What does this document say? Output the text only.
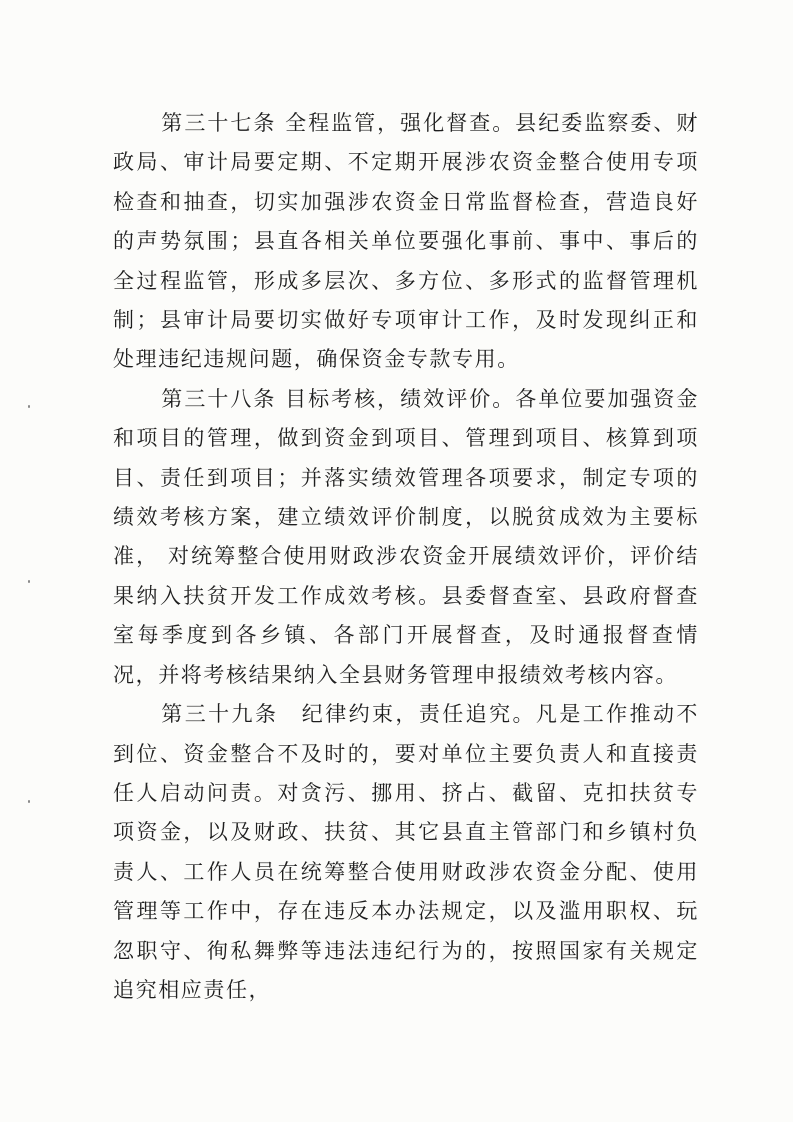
第三十七条 全程监管，强化督查。县纪委监察委、财政局、审计局要定期、不定期开展涉农资金整合使用专项检查和抽查，切实加强涉农资金日常监督检查，营造良好的声势氛围；县直各相关单位要强化事前、事中、事后的全过程监管，形成多层次、多方位、多形式的监督管理机制；县审计局要切实做好专项审计工作，及时发现纠正和处理违纪违规问题，确保资金专款专用。

第三十八条 目标考核，绩效评价。各单位要加强资金和项目的管理，做到资金到项目、管理到项目、核算到项目、责任到项目；并落实绩效管理各项要求，制定专项的绩效考核方案，建立绩效评价制度，以脱贫成效为主要标准， 对统筹整合使用财政涉农资金开展绩效评价，评价结果纳入扶贫开发工作成效考核。县委督查室、县政府督查室每季度到各乡镇、各部门开展督查，及时通报督查情况，并将考核结果纳入全县财务管理申报绩效考核内容。

第三十九条　纪律约束，责任追究。凡是工作推动不到位、资金整合不及时的，要对单位主要负责人和直接责任人启动问责。对贪污、挪用、挤占、截留、克扣扶贫专项资金，以及财政、扶贫、其它县直主管部门和乡镇村负责人、工作人员在统筹整合使用财政涉农资金分配、使用管理等工作中，存在违反本办法规定，以及滥用职权、玩忽职守、徇私舞弊等违法违纪行为的，按照国家有关规定追究相应责任，
